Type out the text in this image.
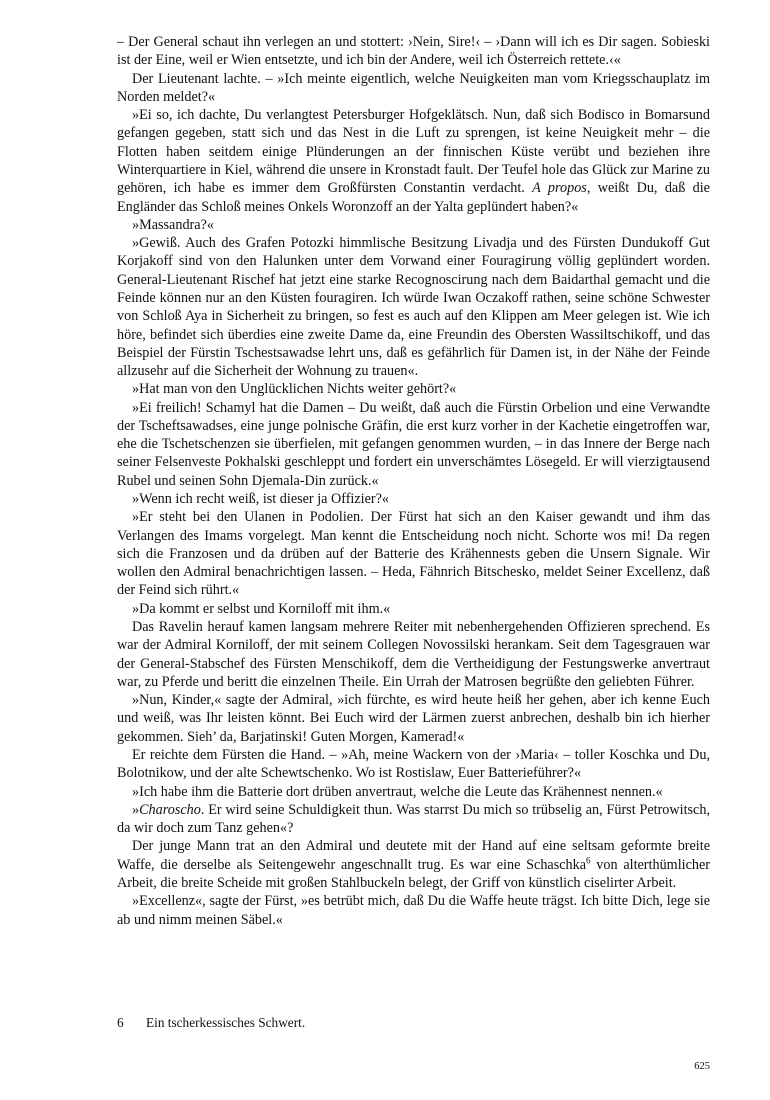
– Der General schaut ihn verlegen an und stottert: ›Nein, Sire!‹ – ›Dann will ich es Dir sagen. Sobieski ist der Eine, weil er Wien entsetzte, und ich bin der Andere, weil ich Österreich rettete.‹«

Der Lieutenant lachte. – »Ich meinte eigentlich, welche Neuigkeiten man vom Kriegsschauplatz im Norden meldet?«

»Ei so, ich dachte, Du verlangtest Petersburger Hofgeklätsch. Nun, daß sich Bodisco in Bomarsund gefangen gegeben, statt sich und das Nest in die Luft zu sprengen, ist keine Neuigkeit mehr – die Flotten haben seitdem einige Plünderungen an der finnischen Küste verübt und beziehen ihre Winterquartiere in Kiel, während die unsere in Kronstadt fault. Der Teufel hole das Glück zur Marine zu gehören, ich habe es immer dem Großfürsten Constantin verdacht. A propos, weißt Du, daß die Engländer das Schloß meines Onkels Woronzoff an der Yalta geplündert haben?«

»Massandra?«

»Gewiß. Auch des Grafen Potozki himmlische Besitzung Livadja und des Fürsten Dundukoff Gut Korjakoff sind von den Halunken unter dem Vorwand einer Fouragirung völlig geplündert worden. General-Lieutenant Rischef hat jetzt eine starke Recognoscirung nach dem Baidarthal gemacht und die Feinde können nur an den Küsten fouragiren. Ich würde Iwan Oczakoff rathen, seine schöne Schwester von Schloß Aya in Sicherheit zu bringen, so fest es auch auf den Klippen am Meer gelegen ist. Wie ich höre, befindet sich überdies eine zweite Dame da, eine Freundin des Obersten Wassiltschikoff, und das Beispiel der Fürstin Tschestsawadse lehrt uns, daß es gefährlich für Damen ist, in der Nähe der Feinde allzusehr auf die Sicherheit der Wohnung zu trauen«.

»Hat man von den Unglücklichen Nichts weiter gehört?«

»Ei freilich! Schamyl hat die Damen – Du weißt, daß auch die Fürstin Orbelion und eine Verwandte der Tscheftsawadses, eine junge polnische Gräfin, die erst kurz vorher in der Kachetie eingetroffen war, ehe die Tschetschenzen sie überfielen, mit gefangen genommen wurden, – in das Innere der Berge nach seiner Felsenveste Pokhalski geschleppt und fordert ein unverschämtes Lösegeld. Er will vierzigtausend Rubel und seinen Sohn Djemala-Din zurück.«

»Wenn ich recht weiß, ist dieser ja Offizier?«

»Er steht bei den Ulanen in Podolien. Der Fürst hat sich an den Kaiser gewandt und ihm das Verlangen des Imams vorgelegt. Man kennt die Entscheidung noch nicht. Schorte wos mi! Da regen sich die Franzosen und da drüben auf der Batterie des Krähennests geben die Unsern Signale. Wir wollen den Admiral benachrichtigen lassen. – Heda, Fähnrich Bitschesko, meldet Seiner Excellenz, daß der Feind sich rührt.«

»Da kommt er selbst und Korniloff mit ihm.«

Das Ravelin herauf kamen langsam mehrere Reiter mit nebenhergehenden Offizieren sprechend. Es war der Admiral Korniloff, der mit seinem Collegen Novossilski herankam. Seit dem Tagesgrauen war der General-Stabschef des Fürsten Menschikoff, dem die Vertheidigung der Festungswerke anvertraut war, zu Pferde und beritt die einzelnen Theile. Ein Urrah der Matrosen begrüßte den geliebten Führer.

»Nun, Kinder,« sagte der Admiral, »ich fürchte, es wird heute heiß her gehen, aber ich kenne Euch und weiß, was Ihr leisten könnt. Bei Euch wird der Lärmen zuerst anbrechen, deshalb bin ich hierher gekommen. Sieh’ da, Barjatinski! Guten Morgen, Kamerad!«

Er reichte dem Fürsten die Hand. – »Ah, meine Wackern von der ›Maria‹ – toller Koschka und Du, Bolotnikow, und der alte Schewtschenko. Wo ist Rostislaw, Euer Batterieführer?«

»Ich habe ihm die Batterie dort drüben anvertraut, welche die Leute das Krähennest nennen.«

»Charoscho. Er wird seine Schuldigkeit thun. Was starrst Du mich so trübselig an, Fürst Petrowitsch, da wir doch zum Tanz gehen«?

Der junge Mann trat an den Admiral und deutete mit der Hand auf eine seltsam geformte breite Waffe, die derselbe als Seitengewehr angeschnallt trug. Es war eine Schaschka$^6$ von alterthümlicher Arbeit, die breite Scheide mit großen Stahlbuckeln belegt, der Griff von künstlich ciselirter Arbeit.

»Excellenz«, sagte der Fürst, »es betrübt mich, daß Du die Waffe heute trägst. Ich bitte Dich, lege sie ab und nimm meinen Säbel.«

6 Ein tscherkessisches Schwert.
625
